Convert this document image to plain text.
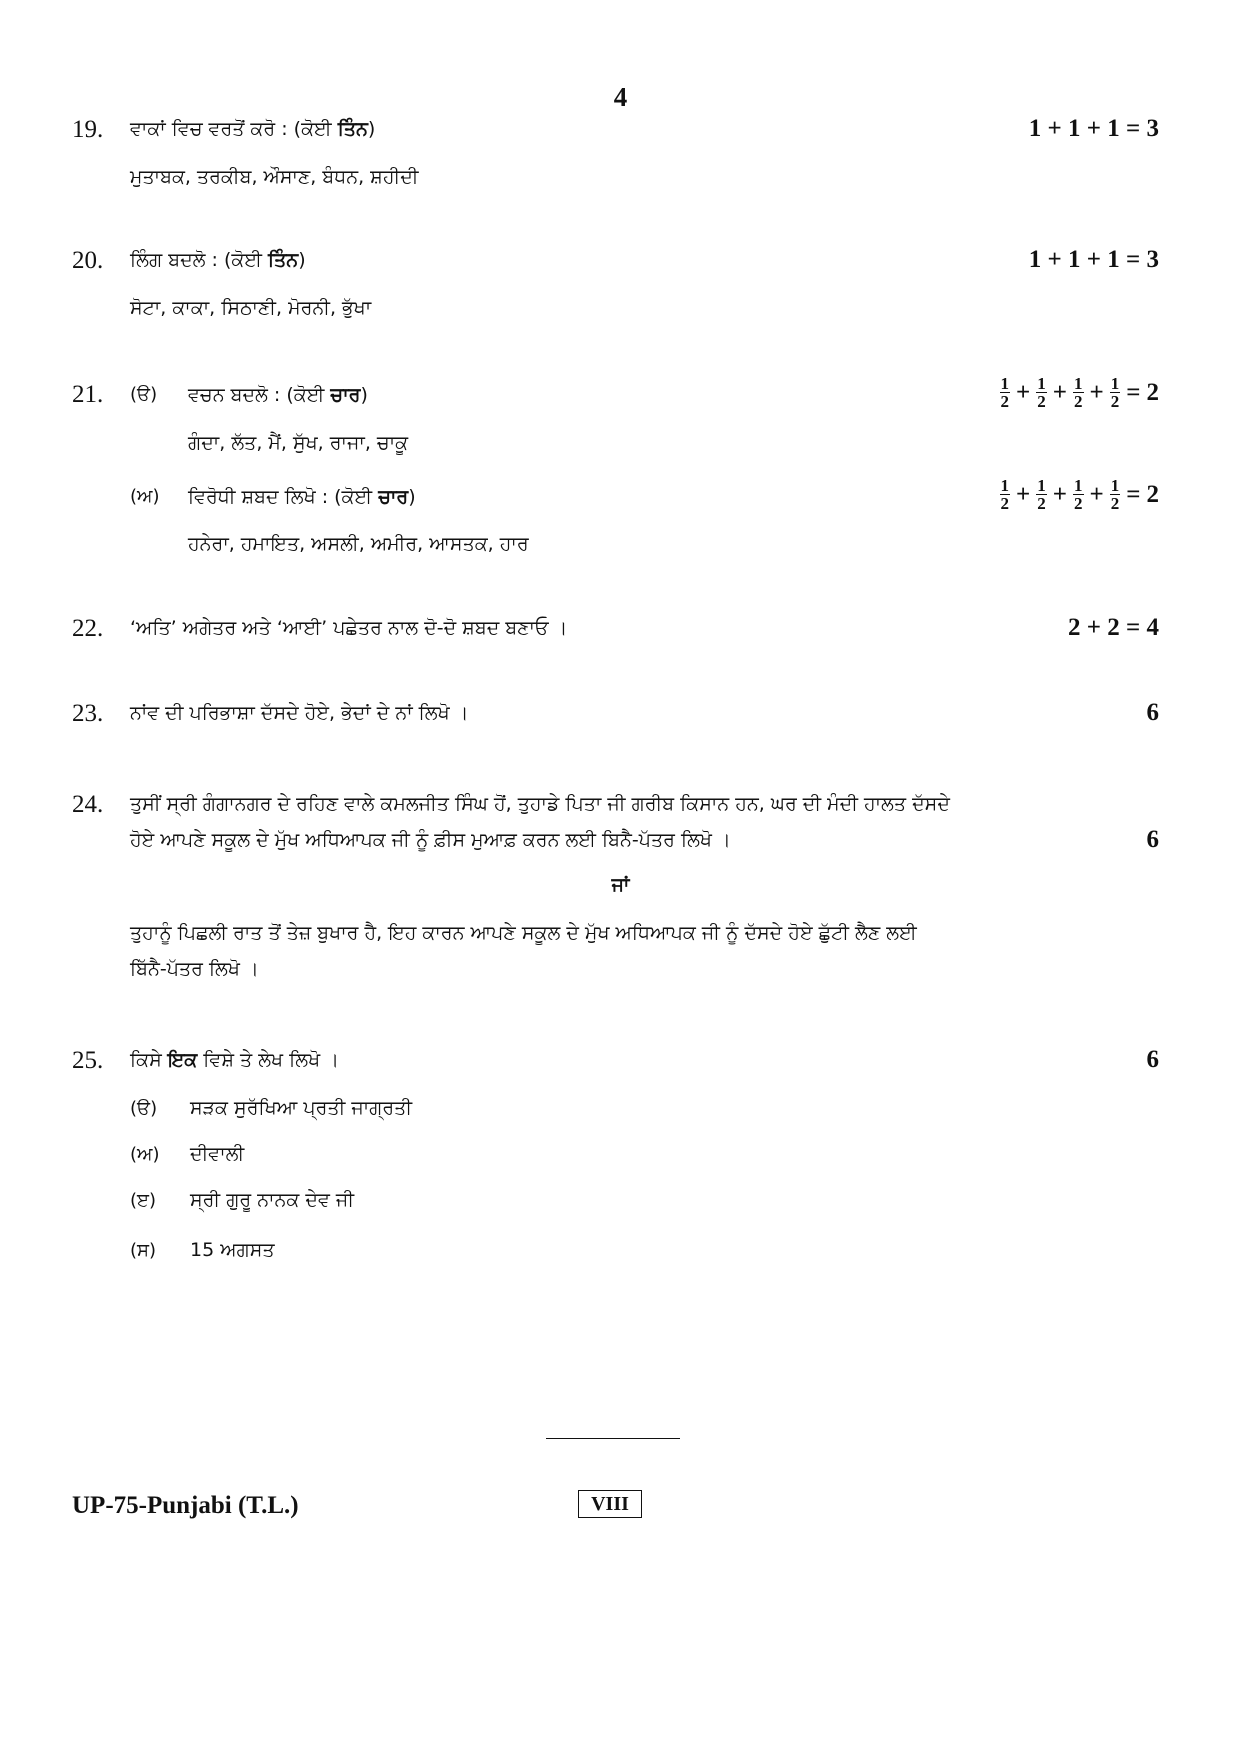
4
19. ਵਾਕਾਂ ਵਿਚ ਵਰਤੋਂ ਕਰੋ : (ਕੋਈ ਤਿੰਨ)	1 + 1 + 1 = 3
ਮੁਤਾਬਕ, ਤਰਕੀਬ, ਔਸਾਣ, ਬੰਧਨ, ਸ਼ਹੀਦੀ
20. ਲਿੰਗ ਬਦਲੋ : (ਕੋਈ ਤਿੰਨ)	1 + 1 + 1 = 3
ਸੋਟਾ, ਕਾਕਾ, ਸਿਠਾਣੀ, ਮੋਰਨੀ, ਭੁੱਖਾ
21. (ੳ) ਵਚਨ ਬਦਲੋ : (ਕੋਈ ਚਾਰ)	$\frac{1}{2} + \frac{1}{2} + \frac{1}{2} + \frac{1}{2} = 2$
ਗੰਦਾ, ਲੱਤ, ਮੈਂ, ਸੁੱਖ, ਰਾਜਾ, ਚਾਕੂ
(ਅ) ਵਿਰੋਧੀ ਸ਼ਬਦ ਲਿਖੋ : (ਕੋਈ ਚਾਰ)	$\frac{1}{2} + \frac{1}{2} + \frac{1}{2} + \frac{1}{2} = 2$
ਹਨੇਰਾ, ਹਮਾਇਤ, ਅਸਲੀ, ਅਮੀਰ, ਆਸਤਕ, ਹਾਰ
22. ‘ਅਤਿ’ ਅਗੇਤਰ ਅਤੇ ‘ਆਈ’ ਪਛੇਤਰ ਨਾਲ ਦੋ-ਦੋ ਸ਼ਬਦ ਬਣਾਓ ।	2 + 2 = 4
23. ਨਾਂਵ ਦੀ ਪਰਿਭਾਸ਼ਾ ਦੱਸਦੇ ਹੋਏ, ਭੇਦਾਂ ਦੇ ਨਾਂ ਲਿਖੋ ।	6
24. ਤੁਸੀਂ ਸ੍ਰੀ ਗੰਗਾਨਗਰ ਦੇ ਰਹਿਣ ਵਾਲੇ ਕਮਲਜੀਤ ਸਿੰਘ ਹੋਂ, ਤੁਹਾਡੇ ਪਿਤਾ ਜੀ ਗਰੀਬ ਕਿਸਾਨ ਹਨ, ਘਰ ਦੀ ਮੰਦੀ ਹਾਲਤ ਦੱਸਦੇ
ਹੋਏ ਆਪਣੇ ਸਕੂਲ ਦੇ ਮੁੱਖ ਅਧਿਆਪਕ ਜੀ ਨੂੰ ਫ਼ੀਸ ਮੁਆਫ਼ ਕਰਨ ਲਈ ਬਿਨੈ-ਪੱਤਰ ਲਿਖੋ ।	6
ਜਾਂ
ਤੁਹਾਨੂੰ ਪਿਛਲੀ ਰਾਤ ਤੋਂ ਤੇਜ਼ ਬੁਖਾਰ ਹੈ, ਇਹ ਕਾਰਨ ਆਪਣੇ ਸਕੂਲ ਦੇ ਮੁੱਖ ਅਧਿਆਪਕ ਜੀ ਨੂੰ ਦੱਸਦੇ ਹੋਏ ਛੁੱਟੀ ਲੈਣ ਲਈ
ਬਿੱਨੈ-ਪੱਤਰ ਲਿਖੋ ।
25. ਕਿਸੇ ਇਕ ਵਿਸ਼ੇ ਤੇ ਲੇਖ ਲਿਖੋ ।	6
(ੳ) ਸੜਕ ਸੁਰੱਖਿਆ ਪ੍ਰਤੀ ਜਾਗ੍ਰਤੀ
(ਅ) ਦੀਵਾਲੀ
(ੲ) ਸ੍ਰੀ ਗੁਰੂ ਨਾਨਕ ਦੇਵ ਜੀ
(ਸ) 15 ਅਗਸਤ
UP-75-Punjabi (T.L.)	VIII
